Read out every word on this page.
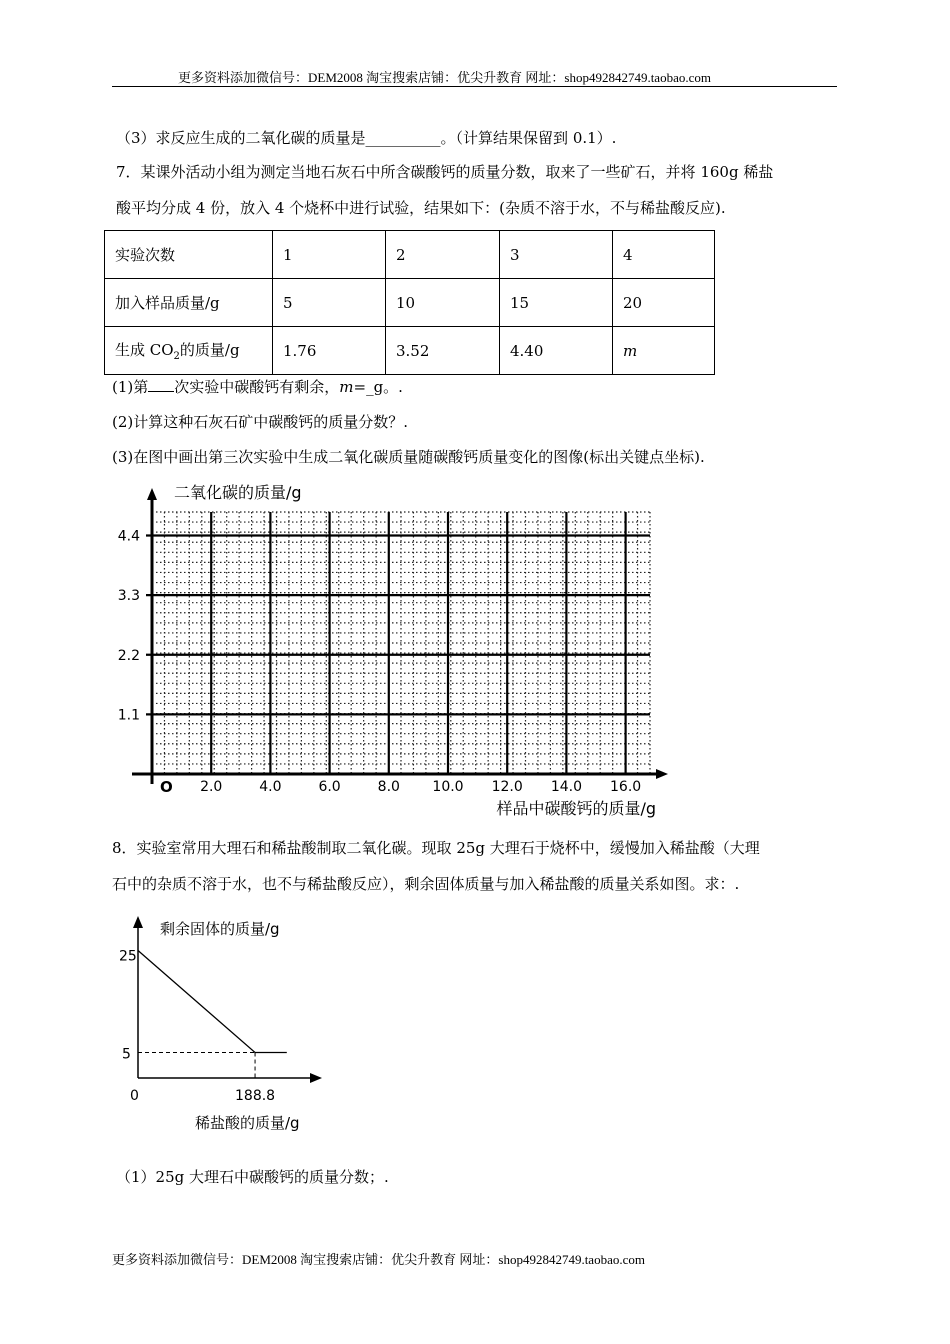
更多资料添加微信号：DEM2008 淘宝搜索店铺：优尖升教育 网址：shop492842749.taobao.com
（3）求反应生成的二氧化碳的质量是__________。（计算结果保留到 0.1）.
7．某课外活动小组为测定当地石灰石中所含碳酸钙的质量分数，取来了一些矿石，并将 160g 稀盐
酸平均分成 4 份，放入 4 个烧杯中进行试验，结果如下：(杂质不溶于水，不与稀盐酸反应).
实验次数	1	2	3	4
加入样品质量/g	5	10	15	20
生成 $CO_2$的质量/g	1.76	3.52	4.40	m
(1)第 次实验中碳酸钙有剩余，m=_g。.
(2)计算这种石灰石矿中碳酸钙的质量分数？.
(3)在图中画出第三次实验中生成二氧化碳质量随碳酸钙质量变化的图像(标出关键点坐标).
2.0	4.0	6.0	8.0 10.0 12.0 14.0 16.0
1.1
2.2
3.3
4.4
二氧化碳的质量/g
样品中碳酸钙的质量/g
O
8．实验室常用大理石和稀盐酸制取二氧化碳。现取 25g 大理石于烧杯中，缓慢加入稀盐酸（大理
石中的杂质不溶于水，也不与稀盐酸反应），剩余固体质量与加入稀盐酸的质量关系如图。求：.
剩余固体的质量/g
25
5
0	188.8
稀盐酸的质量/g
（1）25g 大理石中碳酸钙的质量分数；.
更多资料添加微信号：DEM2008 淘宝搜索店铺：优尖升教育 网址：shop492842749.taobao.com
